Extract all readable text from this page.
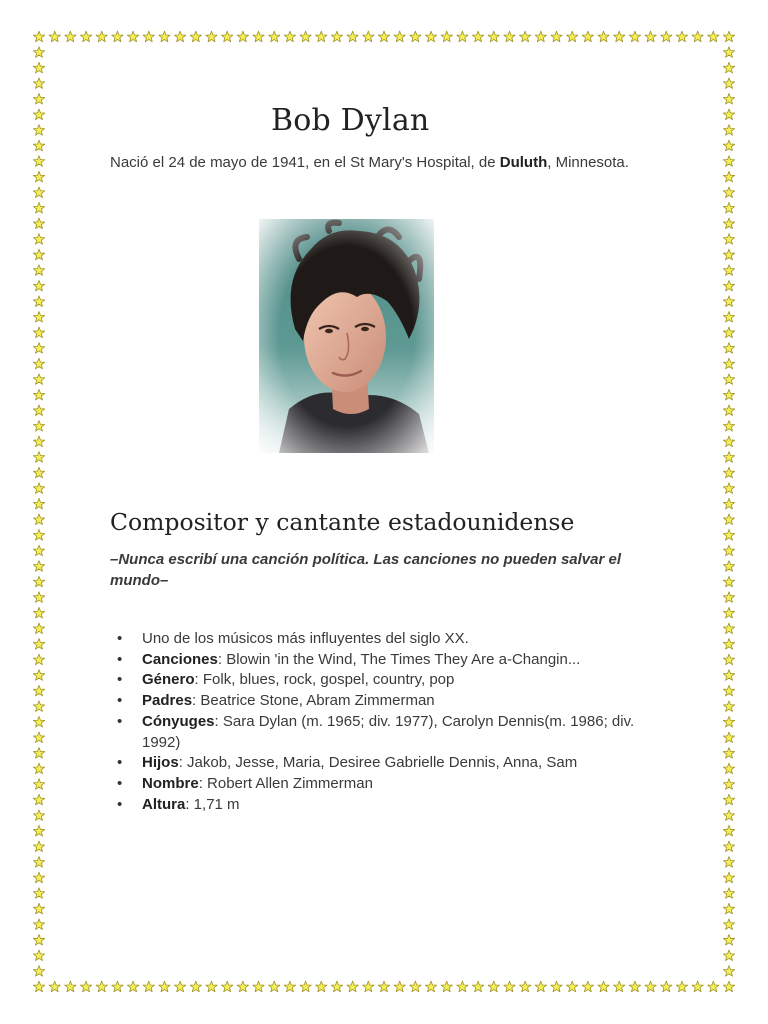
Bob Dylan

Nació el 24 de mayo de 1941, en el St Mary's Hospital, de Duluth, Minnesota.

Compositor y cantante estadounidense

–Nunca escribí una canción política. Las canciones no pueden salvar el mundo–

• Uno de los músicos más influyentes del siglo XX.
• Canciones: Blowin 'in the Wind, The Times They Are a-Changin...
• Género: Folk, blues, rock, gospel, country, pop
• Padres: Beatrice Stone, Abram Zimmerman
• Cónyuges: Sara Dylan (m. 1965; div. 1977), Carolyn Dennis(m. 1986; div. 1992)
• Hijos: Jakob, Jesse, Maria, Desiree Gabrielle Dennis, Anna, Sam
• Nombre: Robert Allen Zimmerman
• Altura: 1,71 m
